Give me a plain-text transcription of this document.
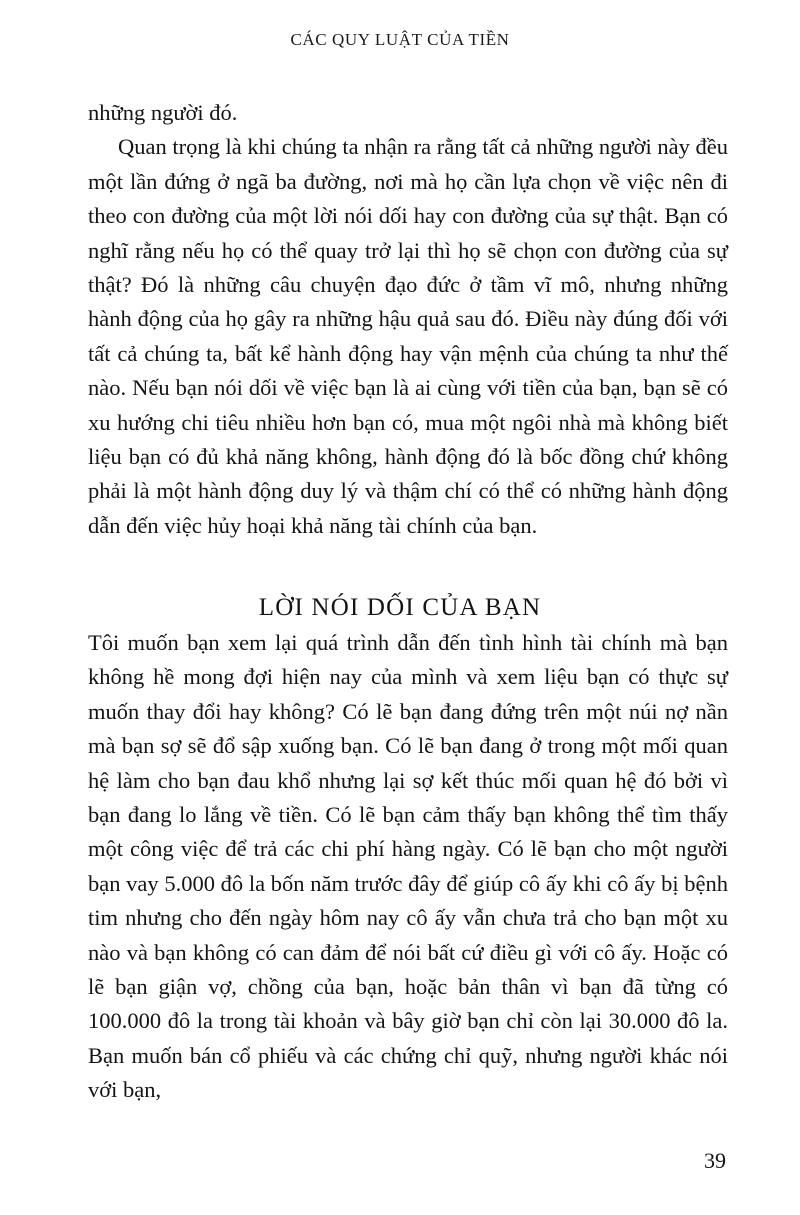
CÁC QUY LUẬT CỦA TIỀN

những người đó.

Quan trọng là khi chúng ta nhận ra rằng tất cả những người này đều một lần đứng ở ngã ba đường, nơi mà họ cần lựa chọn về việc nên đi theo con đường của một lời nói dối hay con đường của sự thật. Bạn có nghĩ rằng nếu họ có thể quay trở lại thì họ sẽ chọn con đường của sự thật? Đó là những câu chuyện đạo đức ở tầm vĩ mô, nhưng những hành động của họ gây ra những hậu quả sau đó. Điều này đúng đối với tất cả chúng ta, bất kể hành động hay vận mệnh của chúng ta như thế nào. Nếu bạn nói dối về việc bạn là ai cùng với tiền của bạn, bạn sẽ có xu hướng chi tiêu nhiều hơn bạn có, mua một ngôi nhà mà không biết liệu bạn có đủ khả năng không, hành động đó là bốc đồng chứ không phải là một hành động duy lý và thậm chí có thể có những hành động dẫn đến việc hủy hoại khả năng tài chính của bạn.

LỜI NÓI DỐI CỦA BẠN

Tôi muốn bạn xem lại quá trình dẫn đến tình hình tài chính mà bạn không hề mong đợi hiện nay của mình và xem liệu bạn có thực sự muốn thay đổi hay không? Có lẽ bạn đang đứng trên một núi nợ nần mà bạn sợ sẽ đổ sập xuống bạn. Có lẽ bạn đang ở trong một mối quan hệ làm cho bạn đau khổ nhưng lại sợ kết thúc mối quan hệ đó bởi vì bạn đang lo lắng về tiền. Có lẽ bạn cảm thấy bạn không thể tìm thấy một công việc để trả các chi phí hàng ngày. Có lẽ bạn cho một người bạn vay 5.000 đô la bốn năm trước đây để giúp cô ấy khi cô ấy bị bệnh tim nhưng cho đến ngày hôm nay cô ấy vẫn chưa trả cho bạn một xu nào và bạn không có can đảm để nói bất cứ điều gì với cô ấy. Hoặc có lẽ bạn giận vợ, chồng của bạn, hoặc bản thân vì bạn đã từng có 100.000 đô la trong tài khoản và bây giờ bạn chỉ còn lại 30.000 đô la. Bạn muốn bán cổ phiếu và các chứng chỉ quỹ, nhưng người khác nói với bạn,

39
